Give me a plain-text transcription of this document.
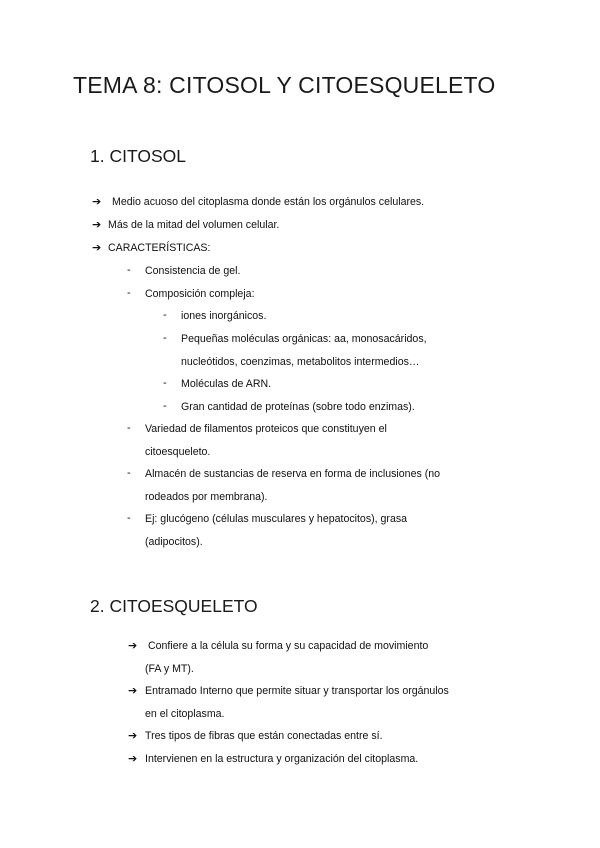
TEMA 8: CITOSOL Y CITOESQUELETO
1. CITOSOL
➔ Medio acuoso del citoplasma donde están los orgánulos celulares.
➔ Más de la mitad del volumen celular.
➔ CARACTERÍSTICAS:
- Consistencia de gel.
- Composición compleja:
- iones inorgánicos.
- Pequeñas moléculas orgánicas: aa, monosacáridos,
nucleótidos, coenzimas, metabolitos intermedios…
- Moléculas de ARN.
- Gran cantidad de proteínas (sobre todo enzimas).
- Variedad de filamentos proteicos que constituyen el
citoesqueleto.
- Almacén de sustancias de reserva en forma de inclusiones (no
rodeados por membrana).
- Ej: glucógeno (células musculares y hepatocitos), grasa
(adipocitos).
2. CITOESQUELETO
➔ Confiere a la célula su forma y su capacidad de movimiento
(FA y MT).
➔ Entramado Interno que permite situar y transportar los orgánulos
en el citoplasma.
➔ Tres tipos de fibras que están conectadas entre sí.
➔ Intervienen en la estructura y organización del citoplasma.
